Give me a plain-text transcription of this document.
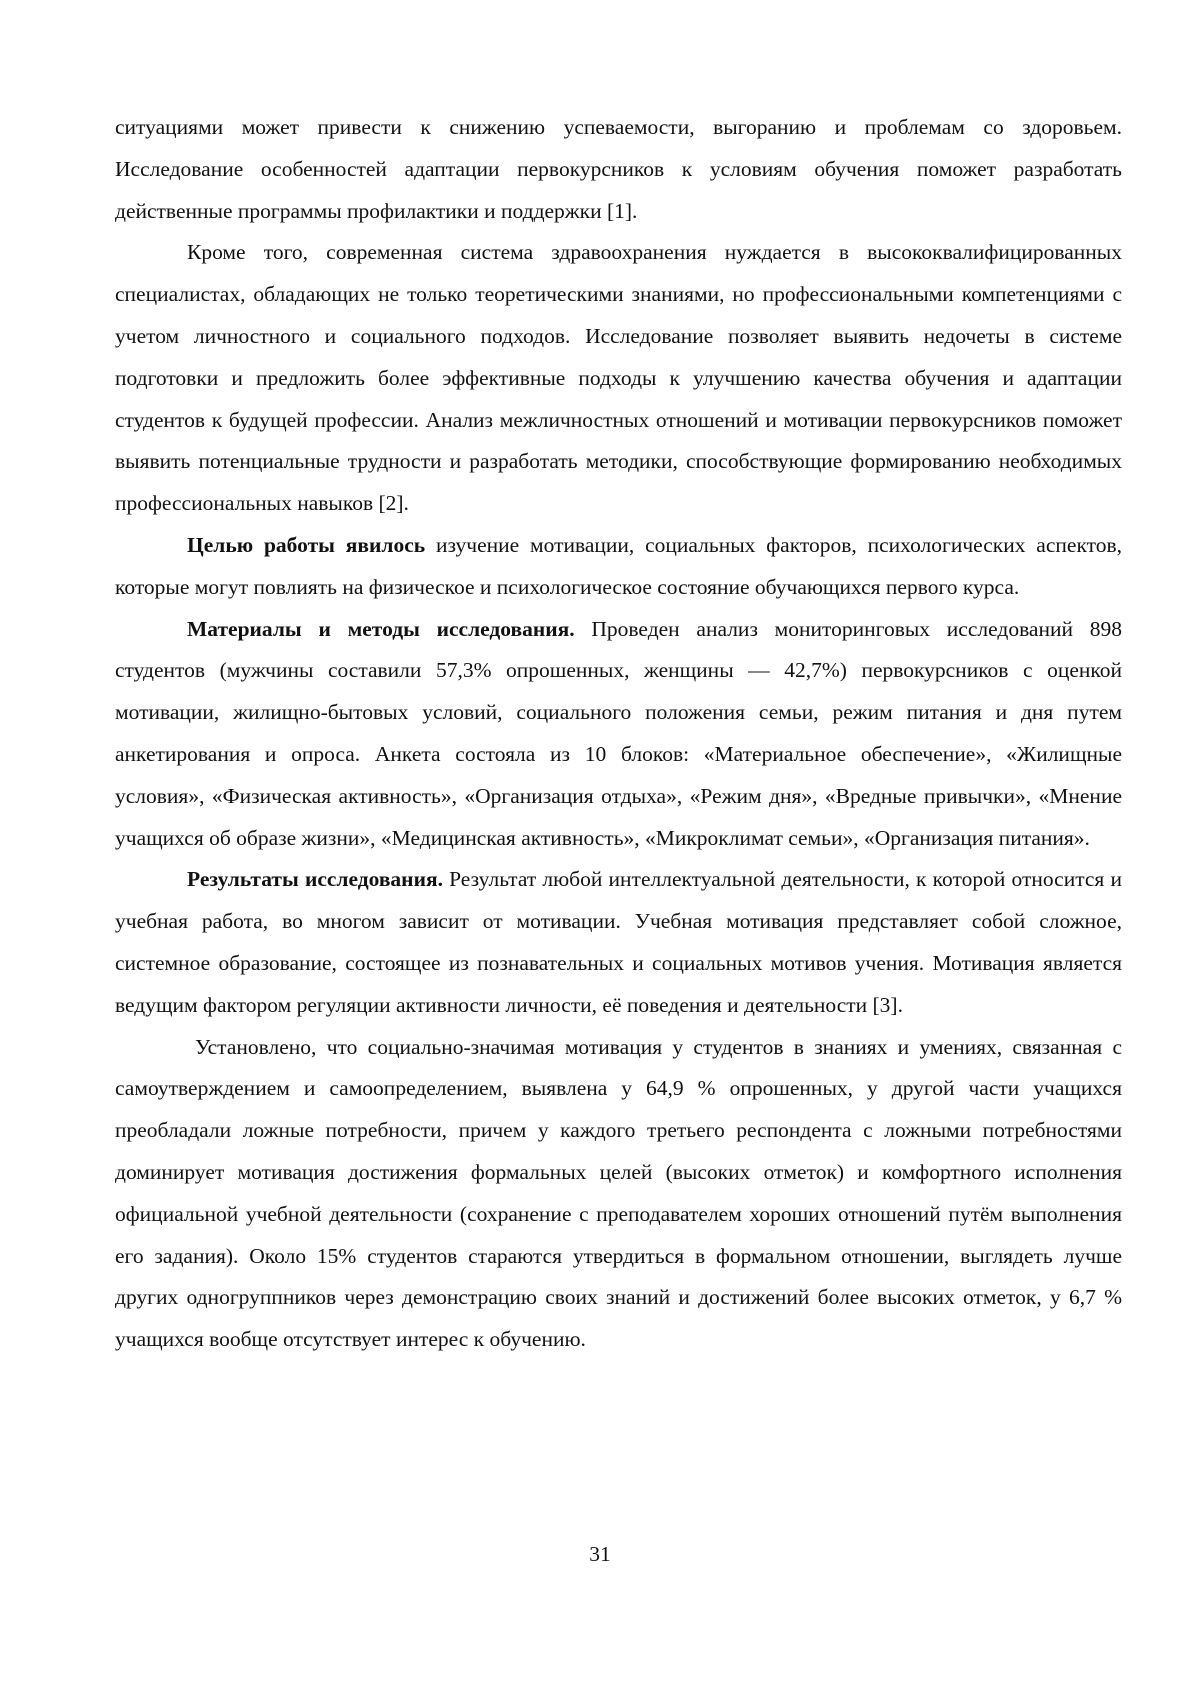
ситуациями может привести к снижению успеваемости, выгоранию и проблемам со здоровьем. Исследование особенностей адаптации первокурсников к условиям обучения поможет разработать действенные программы профилактики и поддержки [1].

Кроме того, современная система здравоохранения нуждается в высококвалифицированных специалистах, обладающих не только теоретическими знаниями, но профессиональными компетенциями с учетом личностного и социального подходов. Исследование позволяет выявить недочеты в системе подготовки и предложить более эффективные подходы к улучшению качества обучения и адаптации студентов к будущей профессии. Анализ межличностных отношений и мотивации первокурсников поможет выявить потенциальные трудности и разработать методики, способствующие формированию необходимых профессиональных навыков [2].

Целью работы явилось изучение мотивации, социальных факторов, психологических аспектов, которые могут повлиять на физическое и психологическое состояние обучающихся первого курса.

Материалы и методы исследования. Проведен анализ мониторинговых исследований 898 студентов (мужчины составили 57,3% опрошенных, женщины — 42,7%) первокурсников с оценкой мотивации, жилищно-бытовых условий, социального положения семьи, режим питания и дня путем анкетирования и опроса. Анкета состояла из 10 блоков: «Материальное обеспечение», «Жилищные условия», «Физическая активность», «Организация отдыха», «Режим дня», «Вредные привычки», «Мнение учащихся об образе жизни», «Медицинская активность», «Микроклимат семьи», «Организация питания».

Результаты исследования. Результат любой интеллектуальной деятельности, к которой относится и учебная работа, во многом зависит от мотивации. Учебная мотивация представляет собой сложное, системное образование, состоящее из познавательных и социальных мотивов учения. Мотивация является ведущим фактором регуляции активности личности, её поведения и деятельности [3].

Установлено, что социально-значимая мотивация у студентов в знаниях и умениях, связанная с самоутверждением и самоопределением, выявлена у 64,9 % опрошенных, у другой части учащихся преобладали ложные потребности, причем у каждого третьего респондента с ложными потребностями доминирует мотивация достижения формальных целей (высоких отметок) и комфортного исполнения официальной учебной деятельности (сохранение с преподавателем хороших отношений путём выполнения его задания). Около 15% студентов стараются утвердиться в формальном отношении, выглядеть лучше других одногруппников через демонстрацию своих знаний и достижений более высоких отметок, у 6,7 % учащихся вообще отсутствует интерес к обучению.

31
